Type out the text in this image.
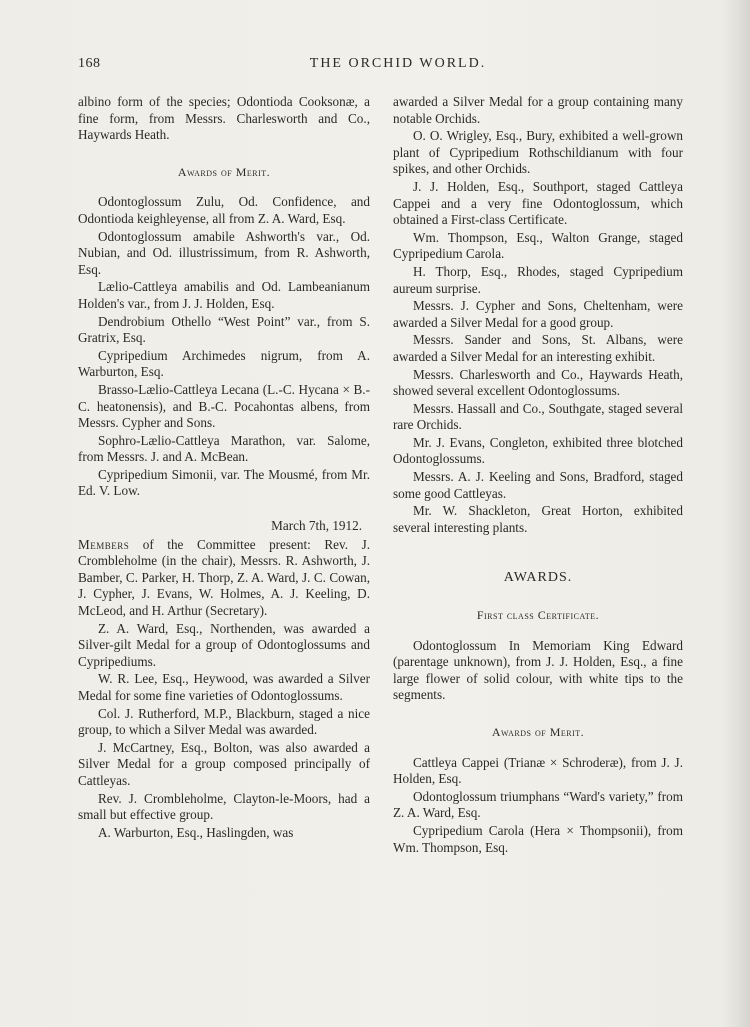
168	THE ORCHID WORLD.

albino form of the species; Odontioda Cooksonæ, a fine form, from Messrs. Charlesworth and Co., Haywards Heath.

Awards of Merit.

Odontoglossum Zulu, Od. Confidence, and Odontioda keighleyense, all from Z. A. Ward, Esq.

Odontoglossum amabile Ashworth's var., Od. Nubian, and Od. illustrissimum, from R. Ashworth, Esq.

Lælio-Cattleya amabilis and Od. Lambeanianum Holden's var., from J. J. Holden, Esq.

Dendrobium Othello “West Point” var., from S. Gratrix, Esq.

Cypripedium Archimedes nigrum, from A. Warburton, Esq.

Brasso-Lælio-Cattleya Lecana (L.-C. Hycana × B.-C. heatonensis), and B.-C. Pocahontas albens, from Messrs. Cypher and Sons.

Sophro-Lælio-Cattleya Marathon, var. Salome, from Messrs. J. and A. McBean.

Cypripedium Simonii, var. The Mousmé, from Mr. Ed. V. Low.

March 7th, 1912.

Members of the Committee present: Rev. J. Crombleholme (in the chair), Messrs. R. Ashworth, J. Bamber, C. Parker, H. Thorp, Z. A. Ward, J. C. Cowan, J. Cypher, J. Evans, W. Holmes, A. J. Keeling, D. McLeod, and H. Arthur (Secretary).

Z. A. Ward, Esq., Northenden, was awarded a Silver-gilt Medal for a group of Odontoglossums and Cypripediums.

W. R. Lee, Esq., Heywood, was awarded a Silver Medal for some fine varieties of Odontoglossums.

Col. J. Rutherford, M.P., Blackburn, staged a nice group, to which a Silver Medal was awarded.

J. McCartney, Esq., Bolton, was also awarded a Silver Medal for a group composed principally of Cattleyas.

Rev. J. Crombleholme, Clayton-le-Moors, had a small but effective group.

A. Warburton, Esq., Haslingden, was

awarded a Silver Medal for a group containing many notable Orchids.

O. O. Wrigley, Esq., Bury, exhibited a well-grown plant of Cypripedium Rothschildianum with four spikes, and other Orchids.

J. J. Holden, Esq., Southport, staged Cattleya Cappei and a very fine Odontoglossum, which obtained a First-class Certificate.

Wm. Thompson, Esq., Walton Grange, staged Cypripedium Carola.

H. Thorp, Esq., Rhodes, staged Cypripedium aureum surprise.

Messrs. J. Cypher and Sons, Cheltenham, were awarded a Silver Medal for a good group.

Messrs. Sander and Sons, St. Albans, were awarded a Silver Medal for an interesting exhibit.

Messrs. Charlesworth and Co., Haywards Heath, showed several excellent Odontoglossums.

Messrs. Hassall and Co., Southgate, staged several rare Orchids.

Mr. J. Evans, Congleton, exhibited three blotched Odontoglossums.

Messrs. A. J. Keeling and Sons, Bradford, staged some good Cattleyas.

Mr. W. Shackleton, Great Horton, exhibited several interesting plants.

AWARDS.
First class Certificate.

Odontoglossum In Memoriam King Edward (parentage unknown), from J. J. Holden, Esq., a fine large flower of solid colour, with white tips to the segments.

Awards of Merit.

Cattleya Cappei (Trianæ × Schroderæ), from J. J. Holden, Esq.

Odontoglossum triumphans “Ward's variety,” from Z. A. Ward, Esq.

Cypripedium Carola (Hera × Thompsonii), from Wm. Thompson, Esq.
